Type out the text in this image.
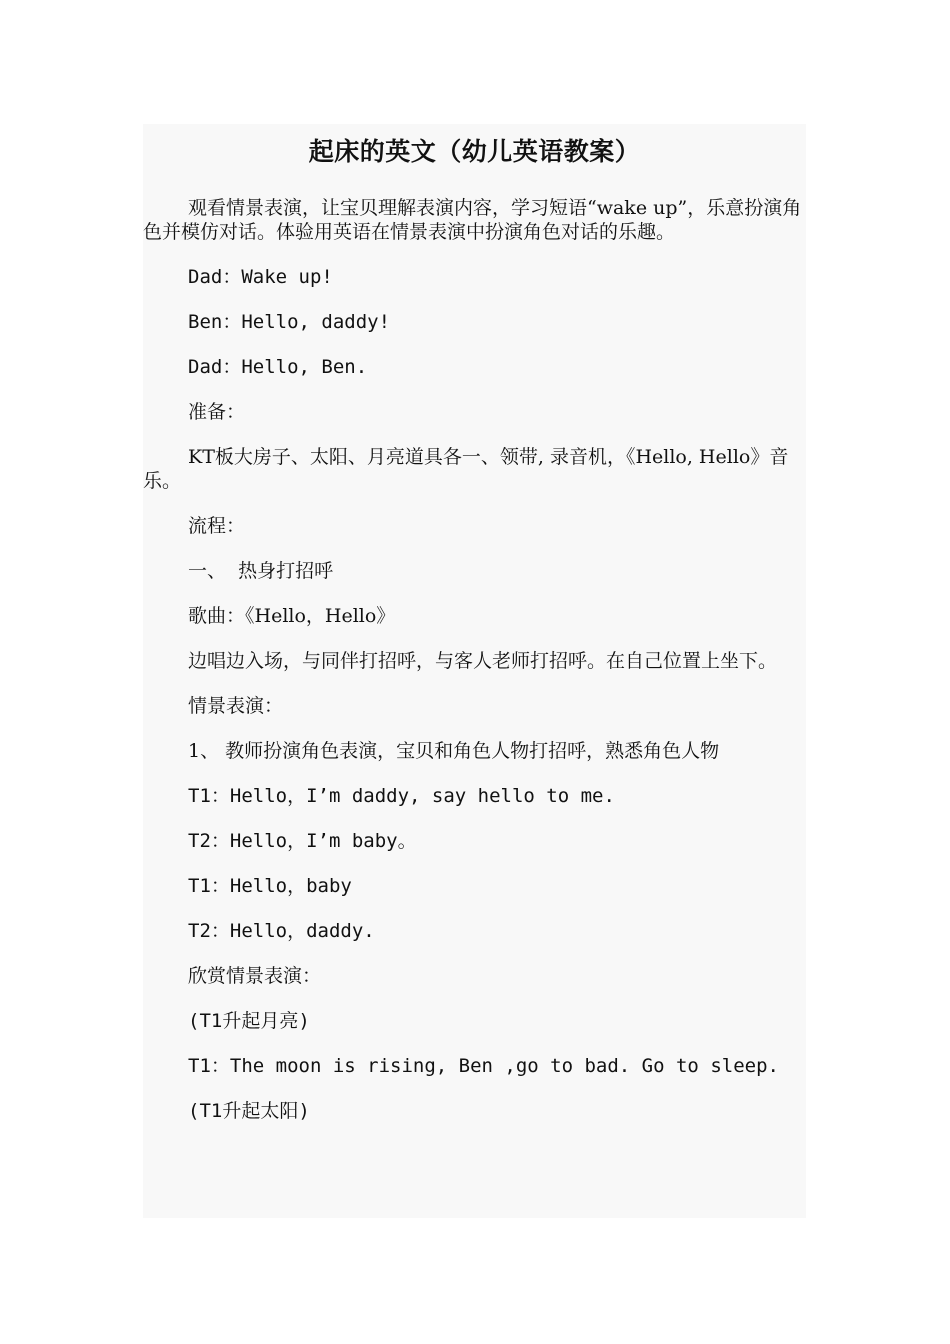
起床的英文（幼儿英语教案）

观看情景表演，让宝贝理解表演内容，学习短语“wake up”，乐意扮演角色并模仿对话。体验用英语在情景表演中扮演角色对话的乐趣。

Dad：Wake up!

Ben：Hello, daddy!

Dad：Hello, Ben.

准备：

KT板大房子、太阳、月亮道具各一、领带, 录音机，《Hello, Hello》音乐。

流程：

一、  热身打招呼

歌曲：《Hello，Hello》

边唱边入场，与同伴打招呼，与客人老师打招呼。在自己位置上坐下。

情景表演：

1、 教师扮演角色表演，宝贝和角色人物打招呼，熟悉角色人物

T1：Hello，I’m daddy, say hello to me.

T2：Hello，I’m baby。

T1：Hello，baby

T2：Hello，daddy.

欣赏情景表演：

(T1升起月亮)

T1：The moon is rising, Ben ,go to bad. Go to sleep.

(T1升起太阳)
